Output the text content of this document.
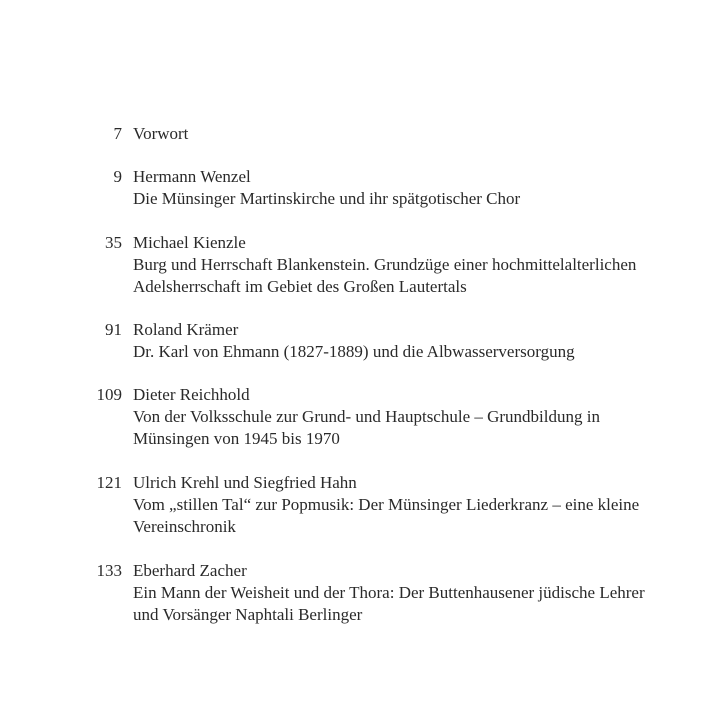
7 Vorwort
9 Hermann Wenzel
Die Münsinger Martinskirche und ihr spätgotischer Chor
35 Michael Kienzle
Burg und Herrschaft Blankenstein. Grundzüge einer hochmittelalterlichen
Adelsherrschaft im Gebiet des Großen Lautertals
91 Roland Krämer
Dr. Karl von Ehmann (1827-1889) und die Albwasserversorgung
109 Dieter Reichhold
Von der Volksschule zur Grund- und Hauptschule – Grundbildung in
Münsingen von 1945 bis 1970
121 Ulrich Krehl und Siegfried Hahn
Vom „stillen Tal“ zur Popmusik: Der Münsinger Liederkranz – eine kleine
Vereinschronik
133 Eberhard Zacher
Ein Mann der Weisheit und der Thora: Der Buttenhausener jüdische Lehrer
und Vorsänger Naphtali Berlinger
